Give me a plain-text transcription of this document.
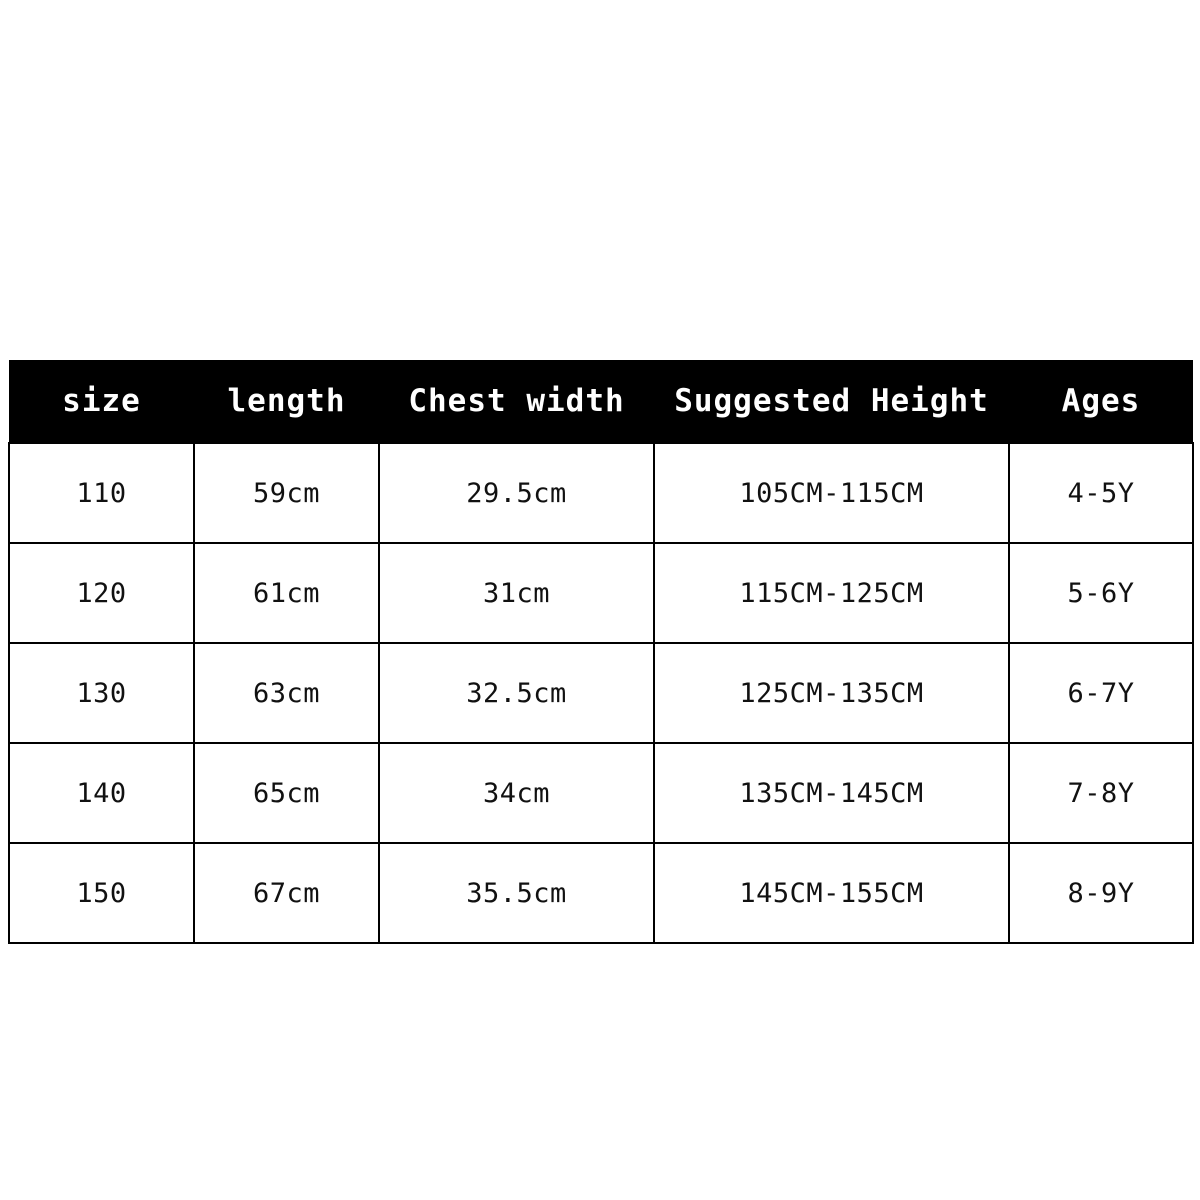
size	length	Chest width	Suggested Height	Ages
110	59cm	29.5cm	105CM-115CM	4-5Y
120	61cm	31cm	115CM-125CM	5-6Y
130	63cm	32.5cm	125CM-135CM	6-7Y
140	65cm	34cm	135CM-145CM	7-8Y
150	67cm	35.5cm	145CM-155CM	8-9Y
